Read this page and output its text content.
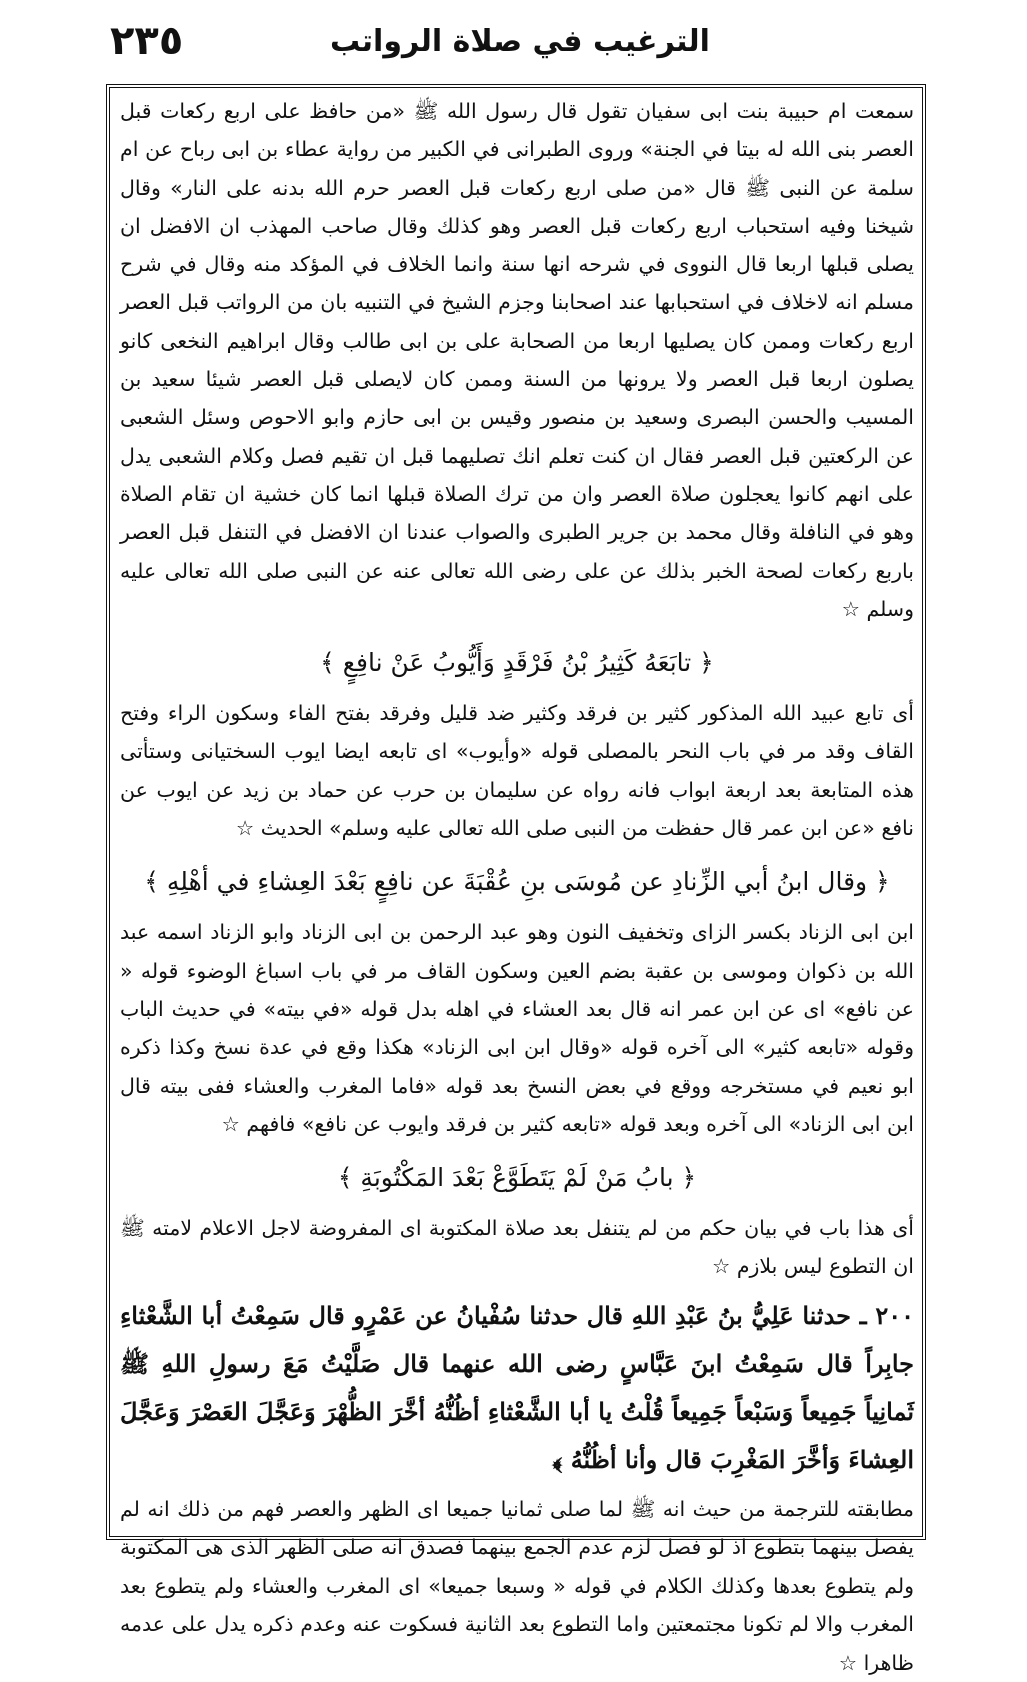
٢٣٥	الترغيب في صلاة الرواتب

سمعت ام حبيبة بنت ابى سفيان تقول قال رسول الله ﷺ «من حافظ على اربع ركعات قبل العصر بنى الله له بيتا في الجنة» وروى الطبرانى في الكبير من رواية عطاء بن ابى رباح عن ام سلمة عن النبى ﷺ قال «من صلى اربع ركعات قبل العصر حرم الله بدنه على النار» وقال شيخنا وفيه استحباب اربع ركعات قبل العصر وهو كذلك وقال صاحب المهذب ان الافضل ان يصلى قبلها اربعا قال النووى في شرحه انها سنة وانما الخلاف في المؤكد منه وقال في شرح مسلم انه لاخلاف في استحبابها عند اصحابنا وجزم الشيخ في التنبيه بان من الرواتب قبل العصر اربع ركعات وممن كان يصليها اربعا من الصحابة على بن ابى طالب وقال ابراهيم النخعى كانو يصلون اربعا قبل العصر ولا يرونها من السنة وممن كان لايصلى قبل العصر شيئا سعيد بن المسيب والحسن البصرى وسعيد بن منصور وقيس بن ابى حازم وابو الاحوص وسئل الشعبى عن الركعتين قبل العصر فقال ان كنت تعلم انك تصليهما قبل ان تقيم فصل وكلام الشعبى يدل على انهم كانوا يعجلون صلاة العصر وان من ترك الصلاة قبلها انما كان خشية ان تقام الصلاة وهو في النافلة وقال محمد بن جرير الطبرى والصواب عندنا ان الافضل في التنفل قبل العصر باربع ركعات لصحة الخبر بذلك عن على رضى الله تعالى عنه عن النبى صلى الله تعالى عليه وسلم ☆

﴿ تابَعَهُ كَثِيرُ بْنُ فَرْقَدٍ وَأَيُّوبُ عَنْ نافِعٍ ﴾

أى تابع عبيد الله المذكور كثير بن فرقد وكثير ضد قليل وفرقد بفتح الفاء وسكون الراء وفتح القاف وقد مر في باب النحر بالمصلى قوله «وأيوب» اى تابعه ايضا ايوب السختيانى وستأتى هذه المتابعة بعد اربعة ابواب فانه رواه عن سليمان بن حرب عن حماد بن زيد عن ايوب عن نافع «عن ابن عمر قال حفظت من النبى صلى الله تعالى عليه وسلم» الحديث ☆

﴿ وقال ابنُ أبي الزِّنادِ عن مُوسَى بنِ عُقْبَةَ عن نافِعٍ بَعْدَ العِشاءِ في أهْلِهِ ﴾

ابن ابى الزناد بكسر الزاى وتخفيف النون وهو عبد الرحمن بن ابى الزناد وابو الزناد اسمه عبد الله بن ذكوان وموسى بن عقبة بضم العين وسكون القاف مر في باب اسباغ الوضوء قوله « عن نافع» اى عن ابن عمر انه قال بعد العشاء في اهله بدل قوله «في بيته» في حديث الباب وقوله «تابعه كثير» الى آخره قوله «وقال ابن ابى الزناد» هكذا وقع في عدة نسخ وكذا ذكره ابو نعيم في مستخرجه ووقع في بعض النسخ بعد قوله «فاما المغرب والعشاء ففى بيته قال ابن ابى الزناد» الى آخره وبعد قوله «تابعه كثير بن فرقد وايوب عن نافع» فافهم ☆

﴿ بابُ مَنْ لَمْ يَتَطَوَّعْ بَعْدَ المَكْتُوبَةِ ﴾

أى هذا باب في بيان حكم من لم يتنفل بعد صلاة المكتوبة اى المفروضة لاجل الاعلام لامته ﷺ ان التطوع ليس بلازم ☆

٢٠٠ ـ حدثنا عَلِيُّ بنُ عَبْدِ اللهِ قال حدثنا سُفْيانُ عن عَمْرٍو قال سَمِعْتُ أبا الشَّعْثاءِ جابِراً قال سَمِعْتُ ابنَ عَبَّاسٍ رضى الله عنهما قال صَلَّيْتُ مَعَ رسولِ اللهِ ﷺ ثَمانِياً جَمِيعاً وَسَبْعاً جَمِيعاً قُلْتُ يا أبا الشَّعْثاءِ أظُنُّهُ أخَّرَ الظُّهْرَ وَعَجَّلَ العَصْرَ وَعَجَّلَ العِشاءَ وَأخَّرَ المَغْرِبَ قال وأنا أظُنُّهُ ﴾

مطابقته للترجمة من حيث انه ﷺ لما صلى ثمانيا جميعا اى الظهر والعصر فهم من ذلك انه لم يفصل بينهما بتطوع اذ لو فصل لزم عدم الجمع بينهما فصدق انه صلى الظهر الذى هى المكتوبة ولم يتطوع بعدها وكذلك الكلام في قوله « وسبعا جميعا» اى المغرب والعشاء ولم يتطوع بعد المغرب والا لم تكونا مجتمعتين واما التطوع بعد الثانية فسكوت عنه وعدم ذكره يدل على عدمه ظاهرا ☆
